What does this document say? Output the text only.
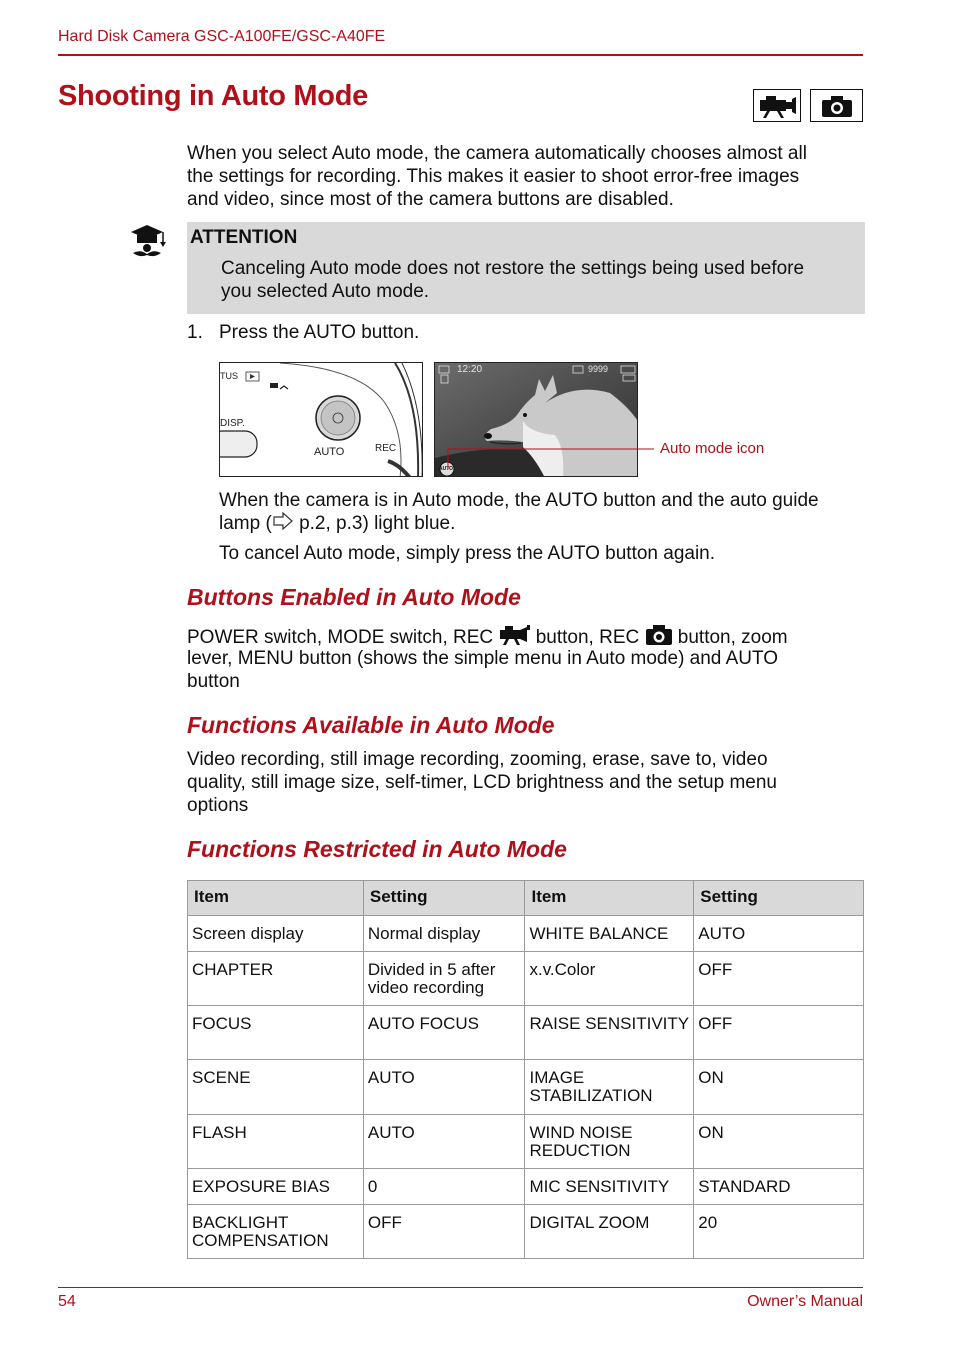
Hard Disk Camera GSC-A100FE/GSC-A40FE
Shooting in Auto Mode
When you select Auto mode, the camera automatically chooses almost all
the settings for recording. This makes it easier to shoot error-free images
and video, since most of the camera buttons are disabled.
ATTENTION
Canceling Auto mode does not restore the settings being used before
you selected Auto mode.
1. Press the AUTO button.
TUS
DISP.
AUTO	REC
12:20	9999
AUTO
Auto mode icon
When the camera is in Auto mode, the AUTO button and the auto guide
lamp ( p.2, p.3) light blue.
To cancel Auto mode, simply press the AUTO button again.
Buttons Enabled in Auto Mode
POWER switch, MODE switch, REC button, REC button, zoom
lever, MENU button (shows the simple menu in Auto mode) and AUTO
button
Functions Available in Auto Mode
Video recording, still image recording, zooming, erase, save to, video
quality, still image size, self-timer, LCD brightness and the setup menu
options
Functions Restricted in Auto Mode
Item	Setting	Item	Setting
Screen display	Normal display	WHITE BALANCE	AUTO
CHAPTER	Divided in 5 after video recording	x.v.Color	OFF
FOCUS	AUTO FOCUS	RAISE SENSITIVITY	OFF
SCENE	AUTO	IMAGE STABILIZATION	ON
FLASH	AUTO	WIND NOISE REDUCTION	ON
EXPOSURE BIAS	0	MIC SENSITIVITY	STANDARD
BACKLIGHT COMPENSATION	OFF	DIGITAL ZOOM	20
54	Owner’s Manual
